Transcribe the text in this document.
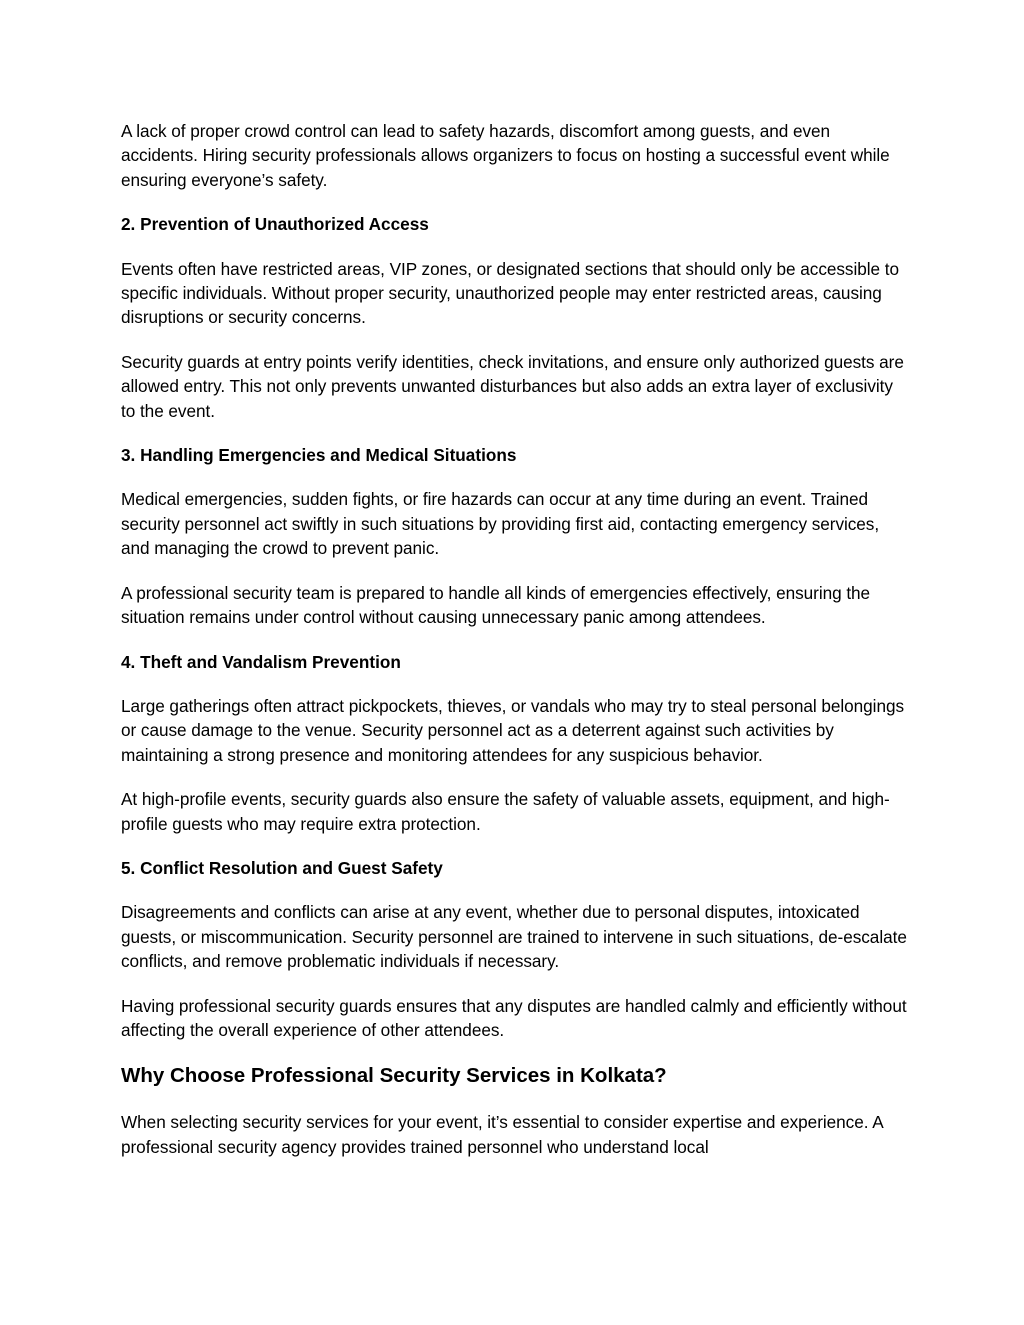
A lack of proper crowd control can lead to safety hazards, discomfort among guests, and even accidents. Hiring security professionals allows organizers to focus on hosting a successful event while ensuring everyone’s safety.

2. Prevention of Unauthorized Access

Events often have restricted areas, VIP zones, or designated sections that should only be accessible to specific individuals. Without proper security, unauthorized people may enter restricted areas, causing disruptions or security concerns.

Security guards at entry points verify identities, check invitations, and ensure only authorized guests are allowed entry. This not only prevents unwanted disturbances but also adds an extra layer of exclusivity to the event.

3. Handling Emergencies and Medical Situations

Medical emergencies, sudden fights, or fire hazards can occur at any time during an event. Trained security personnel act swiftly in such situations by providing first aid, contacting emergency services, and managing the crowd to prevent panic.

A professional security team is prepared to handle all kinds of emergencies effectively, ensuring the situation remains under control without causing unnecessary panic among attendees.

4. Theft and Vandalism Prevention

Large gatherings often attract pickpockets, thieves, or vandals who may try to steal personal belongings or cause damage to the venue. Security personnel act as a deterrent against such activities by maintaining a strong presence and monitoring attendees for any suspicious behavior.

At high-profile events, security guards also ensure the safety of valuable assets, equipment, and high-profile guests who may require extra protection.

5. Conflict Resolution and Guest Safety

Disagreements and conflicts can arise at any event, whether due to personal disputes, intoxicated guests, or miscommunication. Security personnel are trained to intervene in such situations, de-escalate conflicts, and remove problematic individuals if necessary.

Having professional security guards ensures that any disputes are handled calmly and efficiently without affecting the overall experience of other attendees.

Why Choose Professional Security Services in Kolkata?

When selecting security services for your event, it’s essential to consider expertise and experience. A professional security agency provides trained personnel who understand local
